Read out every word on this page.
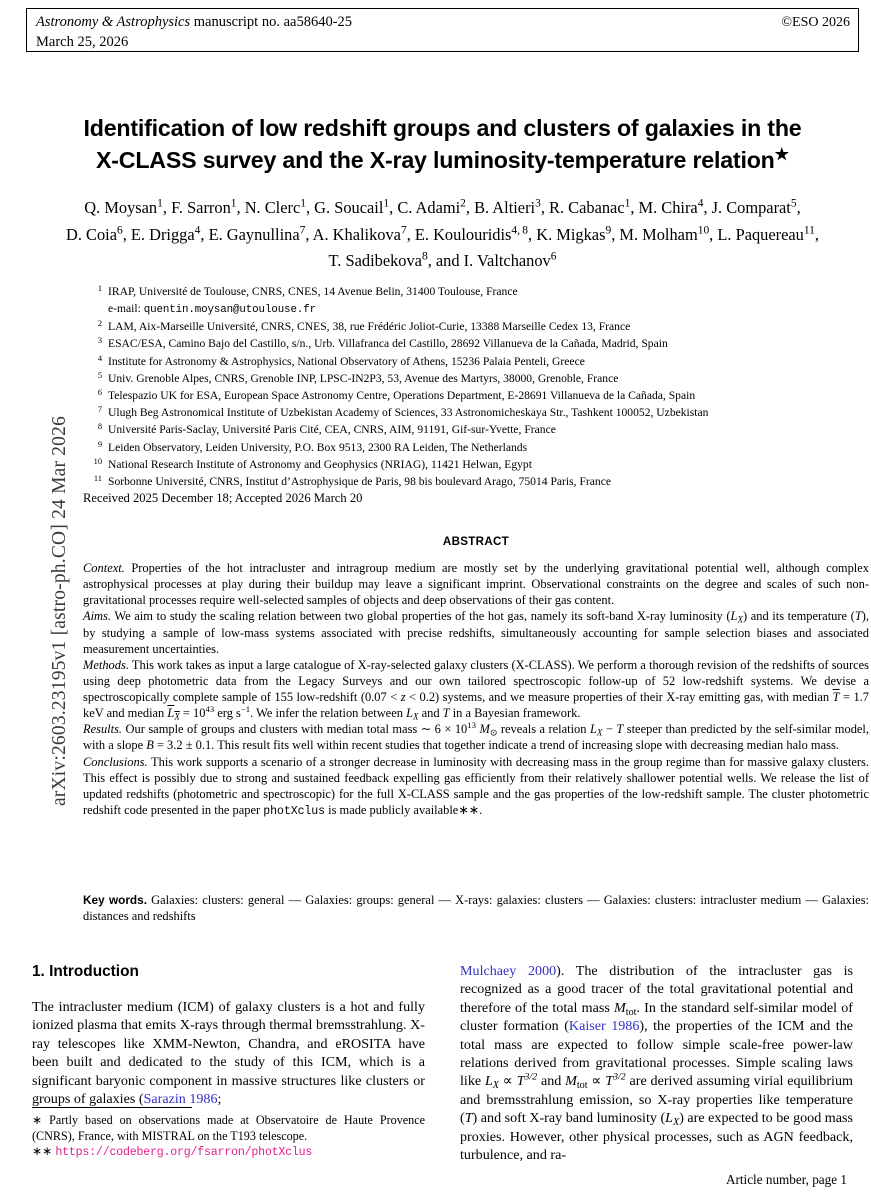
arXiv:2603.23195v1 [astro-ph.CO] 24 Mar 2026
Astronomy & Astrophysics manuscript no. aa58640-25	©ESO 2026
March 25, 2026
Identification of low redshift groups and clusters of galaxies in the
X-CLASS survey and the X-ray luminosity-temperature relation★
Q. Moysan$^1$, F. Sarron$^1$, N. Clerc$^1$, G. Soucail$^1$, C. Adami$^2$, B. Altieri$^3$, R. Cabanac$^1$, M. Chira$^4$, J. Comparat$^5$,
D. Coia$^6$, E. Drigga$^4$, E. Gaynullina$^7$, A. Khalikova$^7$, E. Koulouridis$^{4, 8}$, K. Migkas$^9$, M. Molham$^{10}$, L. Paquereau$^{11}$,
T. Sadibekova$^8$, and I. Valtchanov$^6$
1 IRAP, Université de Toulouse, CNRS, CNES, 14 Avenue Belin, 31400 Toulouse, France
e-mail: quentin.moysan@utoulouse.fr
2 LAM, Aix-Marseille Université, CNRS, CNES, 38, rue Frédéric Joliot-Curie, 13388 Marseille Cedex 13, France
3 ESAC/ESA, Camino Bajo del Castillo, s/n., Urb. Villafranca del Castillo, 28692 Villanueva de la Cañada, Madrid, Spain
4 Institute for Astronomy & Astrophysics, National Observatory of Athens, 15236 Palaia Penteli, Greece
5 Univ. Grenoble Alpes, CNRS, Grenoble INP, LPSC-IN2P3, 53, Avenue des Martyrs, 38000, Grenoble, France
6 Telespazio UK for ESA, European Space Astronomy Centre, Operations Department, E-28691 Villanueva de la Cañada, Spain
7 Ulugh Beg Astronomical Institute of Uzbekistan Academy of Sciences, 33 Astronomicheskaya Str., Tashkent 100052, Uzbekistan
8 Université Paris-Saclay, Université Paris Cité, CEA, CNRS, AIM, 91191, Gif-sur-Yvette, France
9 Leiden Observatory, Leiden University, P.O. Box 9513, 2300 RA Leiden, The Netherlands
10 National Research Institute of Astronomy and Geophysics (NRIAG), 11421 Helwan, Egypt
11 Sorbonne Université, CNRS, Institut d’Astrophysique de Paris, 98 bis boulevard Arago, 75014 Paris, France
Received 2025 December 18; Accepted 2026 March 20
ABSTRACT

Context. Properties of the hot intracluster and intragroup medium are mostly set by the underlying gravitational potential well, although complex astrophysical processes at play during their buildup may leave a significant imprint. Observational constraints on the degree and scales of such non-gravitational processes require well-selected samples of objects and deep observations of their gas content.

Aims. We aim to study the scaling relation between two global properties of the hot gas, namely its soft-band X-ray luminosity $(L_X)$ and its temperature (T), by studying a sample of low-mass systems associated with precise redshifts, simultaneously accounting for sample selection biases and associated measurement uncertainties.

Methods. This work takes as input a large catalogue of X-ray-selected galaxy clusters (X-CLASS). We perform a thorough revision of the redshifts of sources using deep photometric data from the Legacy Surveys and our own tailored spectroscopic follow-up of 52 low-redshift systems. We devise a spectroscopically complete sample of 155 low-redshift (0.07 < z < 0.2) systems, and we measure properties of their X-ray emitting gas, with median $\overline{T} = 1.7$ keV and median $L_X = 10^{43}$ erg $s^{-1}$. We infer the relation between $L_X$ and T in a Bayesian framework.

Results. Our sample of groups and clusters with median total mass ∼ $6 \times 10^{13}$ $M_⊙$ reveals a relation $L_X - T$ steeper than predicted by the self-similar model, with a slope B = 3.2 ± 0.1. This result fits well within recent studies that together indicate a trend of increasing slope with decreasing median halo mass.

Conclusions. This work supports a scenario of a stronger decrease in luminosity with decreasing mass in the group regime than for massive galaxy clusters. This effect is possibly due to strong and sustained feedback expelling gas efficiently from their relatively shallower potential wells. We release the list of updated redshifts (photometric and spectroscopic) for the full X-CLASS sample and the gas properties of the low-redshift sample. The cluster photometric redshift code presented in the paper photXclus is made publicly available∗∗.

Key words. Galaxies: clusters: general — Galaxies: groups: general — X-rays: galaxies: clusters — Galaxies: clusters: intracluster medium — Galaxies: distances and redshifts
1. Introduction

The intracluster medium (ICM) of galaxy clusters is a hot and fully ionized plasma that emits X-rays through thermal bremsstrahlung. X-ray telescopes like XMM-Newton, Chandra, and eROSITA have been built and dedicated to the study of this ICM, which is a significant baryonic component in massive structures like clusters or groups of galaxies (Sarazin 1986;

Mulchaey 2000). The distribution of the intracluster gas is recognized as a good tracer of the total gravitational potential and therefore of the total mass $M_{tot}$. In the standard self-similar model of cluster formation (Kaiser 1986), the properties of the ICM and the total mass are expected to follow simple scale-free power-law relations derived from gravitational processes. Simple scaling laws like $L_X \propto T^{3/2}$ and $M_{tot} \propto T^{3/2}$ are derived assuming virial equilibrium and bremsstrahlung emission, so X-ray properties like temperature (T) and soft X-ray band luminosity $(L_X)$ are expected to be good mass proxies. However, other physical processes, such as AGN feedback, turbulence, and ra-

∗ Partly based on observations made at Observatoire de Haute Provence (CNRS), France, with MISTRAL on the T193 telescope.

∗∗ https://codeberg.org/fsarron/photXclus

Article number, page 1
